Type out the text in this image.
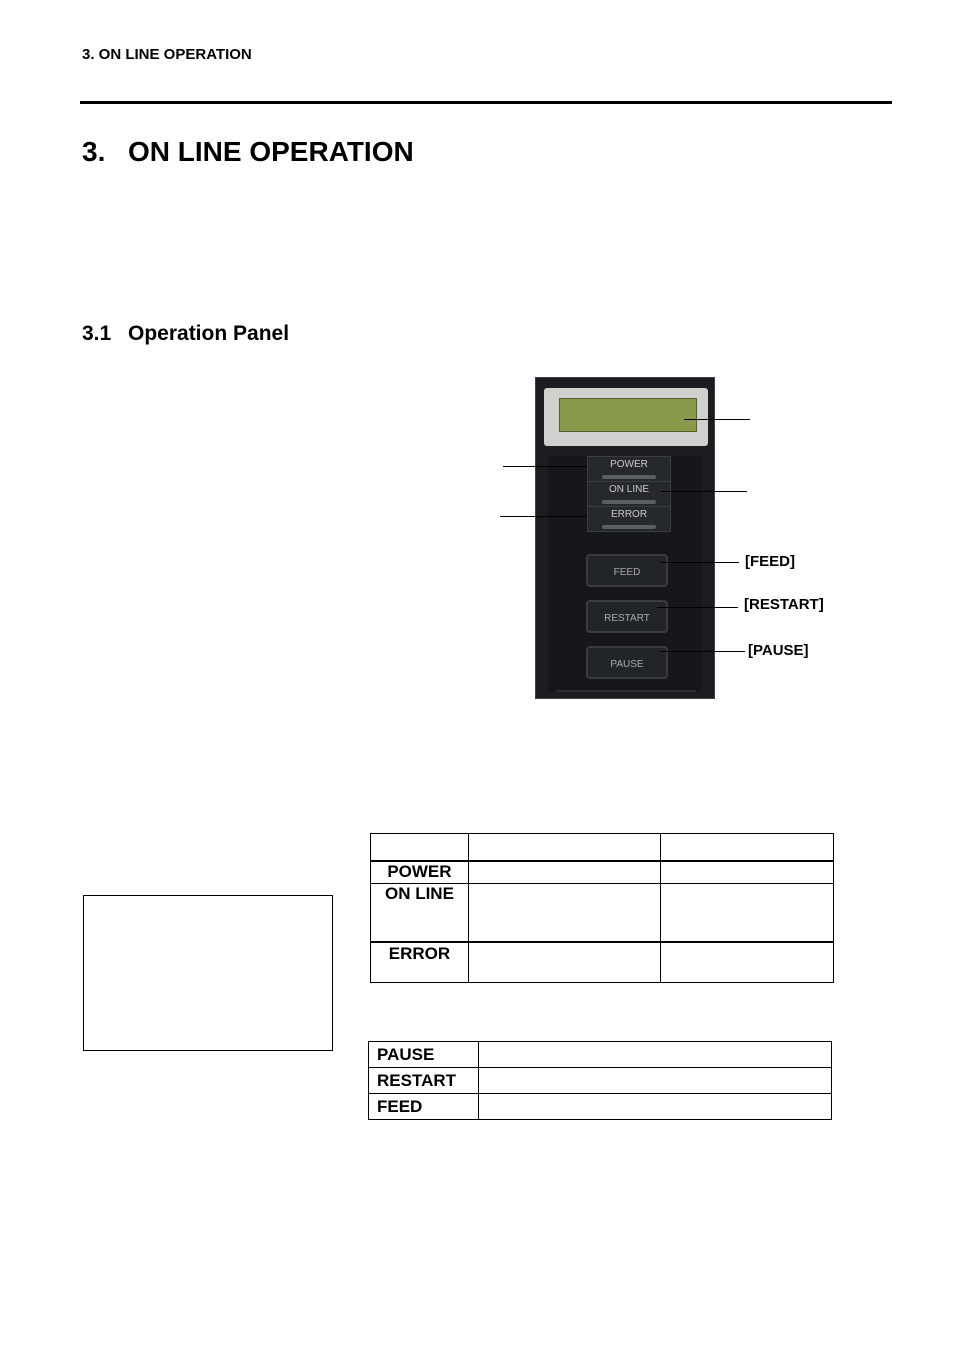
3. ON LINE OPERATION
3. ON LINE OPERATION
3.1 Operation Panel
POWER
ON LINE
ERROR
FEED
RESTART
PAUSE
[FEED]
[RESTART]
[PAUSE]

POWER		
ON LINE		
ERROR		
PAUSE	
RESTART	
FEED	
